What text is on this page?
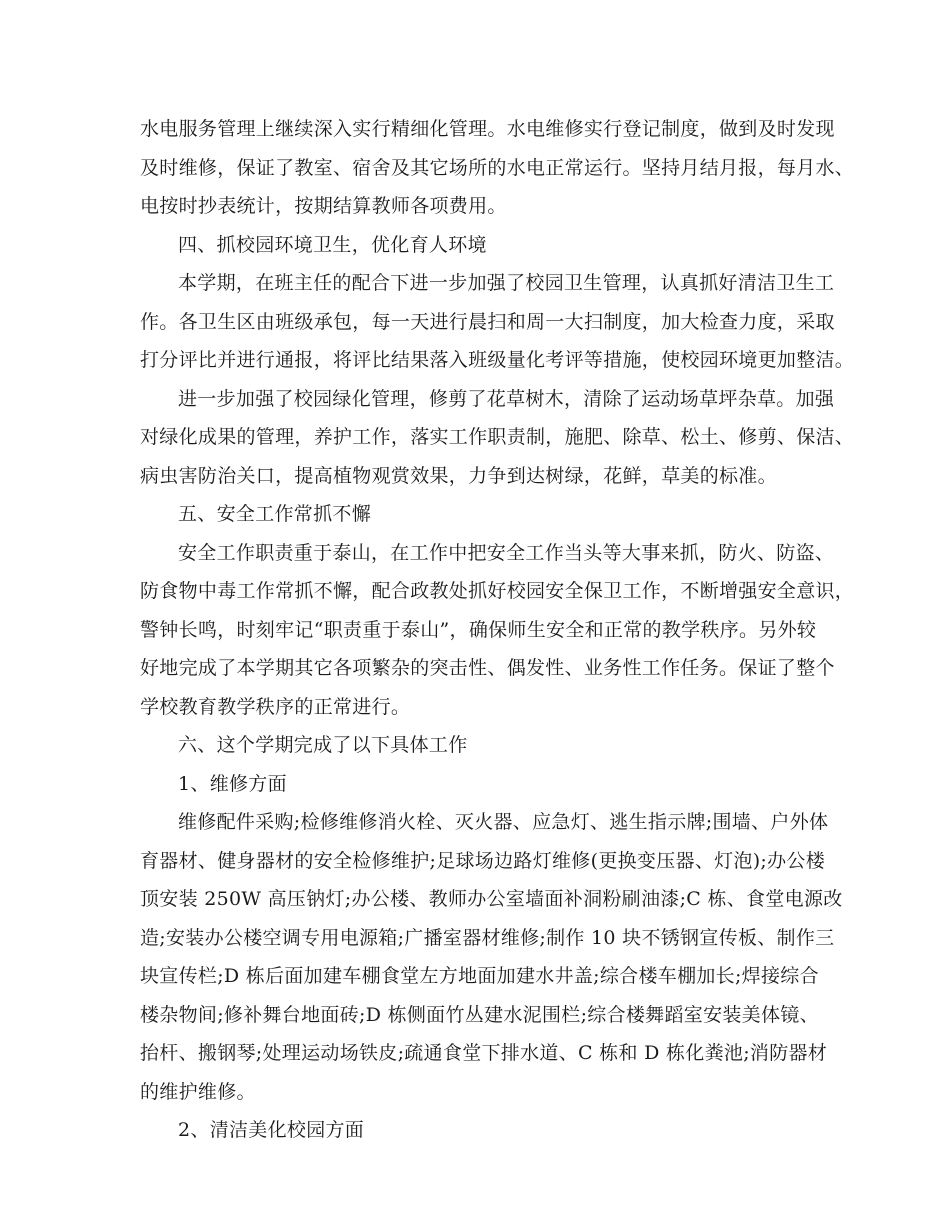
水电服务管理上继续深入实行精细化管理。水电维修实行登记制度，做到及时发现
及时维修，保证了教室、宿舍及其它场所的水电正常运行。坚持月结月报，每月水、
电按时抄表统计，按期结算教师各项费用。
四、抓校园环境卫生，优化育人环境
本学期，在班主任的配合下进一步加强了校园卫生管理，认真抓好清洁卫生工
作。各卫生区由班级承包，每一天进行晨扫和周一大扫制度，加大检查力度，采取
打分评比并进行通报，将评比结果落入班级量化考评等措施，使校园环境更加整洁。
进一步加强了校园绿化管理，修剪了花草树木，清除了运动场草坪杂草。加强
对绿化成果的管理，养护工作，落实工作职责制，施肥、除草、松土、修剪、保洁、
病虫害防治关口，提高植物观赏效果，力争到达树绿，花鲜，草美的标准。
五、安全工作常抓不懈
安全工作职责重于泰山，在工作中把安全工作当头等大事来抓，防火、防盗、
防食物中毒工作常抓不懈，配合政教处抓好校园安全保卫工作，不断增强安全意识，
警钟长鸣，时刻牢记“职责重于泰山”，确保师生安全和正常的教学秩序。另外较
好地完成了本学期其它各项繁杂的突击性、偶发性、业务性工作任务。保证了整个
学校教育教学秩序的正常进行。
六、这个学期完成了以下具体工作
1、维修方面
维修配件采购;检修维修消火栓、灭火器、应急灯、逃生指示牌;围墙、户外体
育器材、健身器材的安全检修维护;足球场边路灯维修(更换变压器、灯泡);办公楼
顶安装 250W 高压钠灯;办公楼、教师办公室墙面补洞粉刷油漆;C 栋、食堂电源改
造;安装办公楼空调专用电源箱;广播室器材维修;制作 10 块不锈钢宣传板、制作三
块宣传栏;D 栋后面加建车棚食堂左方地面加建水井盖;综合楼车棚加长;焊接综合
楼杂物间;修补舞台地面砖;D 栋侧面竹丛建水泥围栏;综合楼舞蹈室安装美体镜、
抬杆、搬钢琴;处理运动场铁皮;疏通食堂下排水道、C 栋和 D 栋化粪池;消防器材
的维护维修。
2、清洁美化校园方面
